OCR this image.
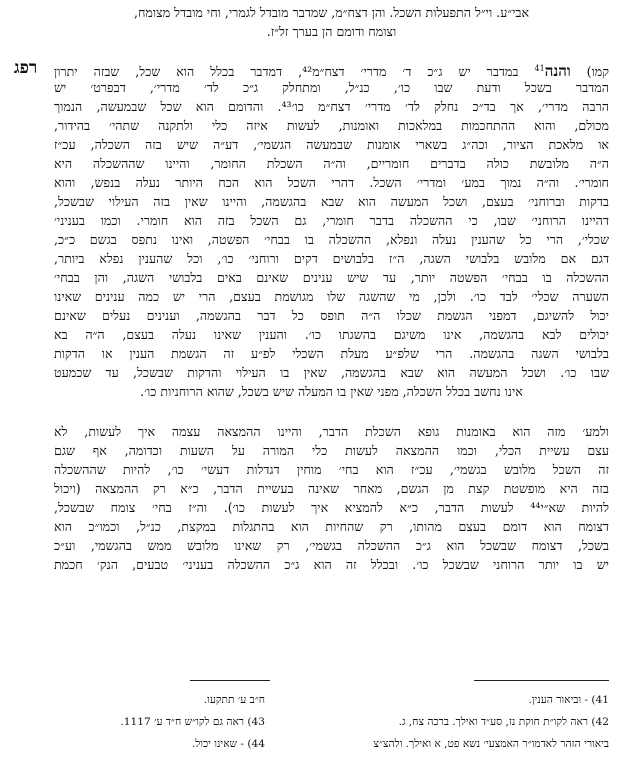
רפג
אבי״ע. וי״ל התפעלות השכל. והן דצח״מ, שמדבר מובדל לגמרי, וחי מובדל מצומח,
וצומח ודומם הן בערך זל״ז.
קמו) והנה$^{41}$ במדבר יש ג״כ ד׳ מדרי׳ דצח״מ⁴², דמדבר בכלל הוא שכל, שבזה יתרון
המדבר בשכל ודעת שבו כו׳, כנ״ל, ומתחלק ג״כ לד׳ מדרי׳, דבפרט׳ יש
הרבה מדרי׳, אך בד״כ נחלק לד׳ מדרי׳ דצח״מ כו׳⁴³. והדומם הוא שכל שבמעשה, הנמוך
מכולם, והוא ההתחכמות במלאכות ואומנות, לעשות איזה כלי ולתקנה שתהי׳ בהידור,
או מלאכת הציור, וכה״ג בשארי אומנות שבמעשה הגשמי׳, דע״ה שיש בזה השכלה, עכ״ז
ה״ה מלובשת כולה בדברים חומריים, וה״ה השכלת החומר, והיינו שההשכלה היא
חומרי׳. וה״ה נמוך במע׳ ומדרי׳ השכל. דהרי השכל הוא הכח היותר נעלה בנפש, והוא
בדקות וברוחני׳ בעצם, ושכל המעשה הוא שבא בהגשמה, והיינו שאין בזה העילוי שבשכל,
דהיינו הרוחני׳ שבו, כי ההשכלה בדבר חומרי, גם השכל בזה הוא חומרי. וכמו בעניני׳
שכלי׳, הרי כל שהענין נעלה ונפלא, ההשכלה בו בבחי׳ הפשטה, ואינו נתפס בגשם כ״כ,
דגם אם מלובש בלבושי השגה, ה״ז בלבושים דקים ורוחני׳ כו׳, וכל שהענין נפלא ביותר,
ההשכלה בו בבחי׳ הפשטה יותר, עד שיש ענינים שאינם באים בלבושי השגה, והן בבחי׳
השערה שכלי׳ לבד כו׳. ולכן, מי שהשגה שלו מגושמת בעצם, הרי יש כמה ענינים שאינו
יכול להשיגם, דמפני הגשמת שכלו ה״ה תופס כל דבר בהגשמה, וענינים נעלים שאינם
יכולים לבא בהגשמה, אינו משיגם בהשגתו כו׳. והענין שאינו נעלה בעצם, ה״ה בא
בלבושי השגה בהגשמה. הרי שלפ״ע מעלת השכלי לפ״ע זה הגשמת הענין או הדקות
שבו כו׳. ושכל המעשה הוא שבא בהגשמה, שאין בו העילוי והדקות שבשכל, עד שכמעט
אינו נחשב בכלל השכלה, מפני שאין בו המעלה שיש בשכל, שהוא הרוחניות כו׳.
ולמע׳ מזה הוא באומנות גופא השכלת הדבר, והיינו ההמצאה עצמה איך לעשות, לא
עצם עשיית הכלי, וכמו ההמצאה לעשות כלי המורה על השעות וכדומה, אף שגם
זה השכל מלובש בגשמי׳, עכ״ז הוא בחי׳ מוחין דגדלות דעשי׳ כו׳, להיות שההשכלה
בזה היא מופשטת קצת מן הגשם, מאחר שאינה בעשיית הדבר, כ״א רק ההמצאה (ויכול
להיות שא״י⁴⁴ לעשות הדבר, כ״א להמציא איך לעשות כו׳). וה״ז בחי׳ צומח שבשכל,
דצומח הוא דומם בעצם מהותו, רק שהחיות הוא בהתגלות במקצת, כנ״ל, וכמו״כ הוא
בשכל, דצומח שבשכל הוא ג״כ ההשכלה בגשמי׳, רק שאינו מלובש ממש בהגשמי, וע״כ
יש בו יותר הרוחני שבשכל כו׳. ובכלל זה הוא ג״כ ההשכלה בעניני׳ טבעים, הנק׳ חכמת
41) - וביאור הענין.
42) ראה לקו״ת חוקת נז, סע״ד ואילך. ברכה צח, ג.
ביאורי הזהר לאדמו״ר האמצעי׳ נשא פט, א ואילך. ולהצ״צ
ח״ב ע׳ תתקעו.
43) ראה גם לקו״ש ח״ד ע׳ 1117.
44) - שאינו יכול.
